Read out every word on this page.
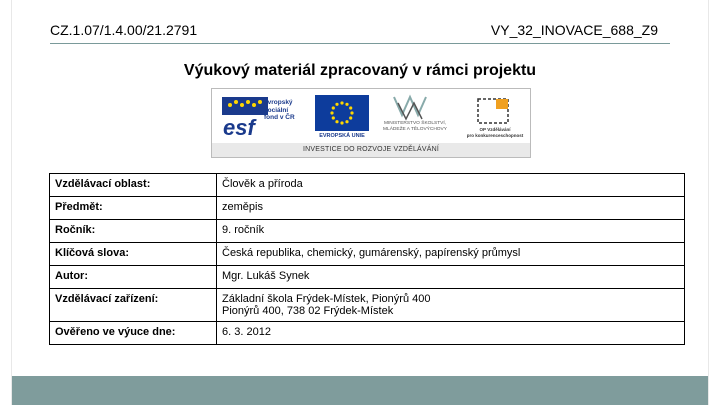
CZ.1.07/1.4.00/21.2791	VY_32_INOVACE_688_Z9
Výukový materiál zpracovaný v rámci projektu
esf
evropský
sociální
fond v ČR
EVROPSKÁ UNIE
MINISTERSTVO ŠKOLSTVÍ,
MLÁDEŽE A TĚLOVÝCHOVY	OP Vzdělávání
pro konkurenceschopnost
INVESTICE DO ROZVOJE VZDĚLÁVÁNÍ
Vzdělávací oblast:	Člověk a příroda
Předmět:	zeměpis
Ročník:	9. ročník
Klíčová slova:	Česká republika, chemický, gumárenský, papírenský průmysl
Autor:	Mgr. Lukáš Synek
Vzdělávací zařízení:	Základní škola Frýdek-Místek, Pionýrů 400
Pionýrů 400, 738 02 Frýdek-Místek

Ověřeno ve výuce dne:	6. 3. 2012
